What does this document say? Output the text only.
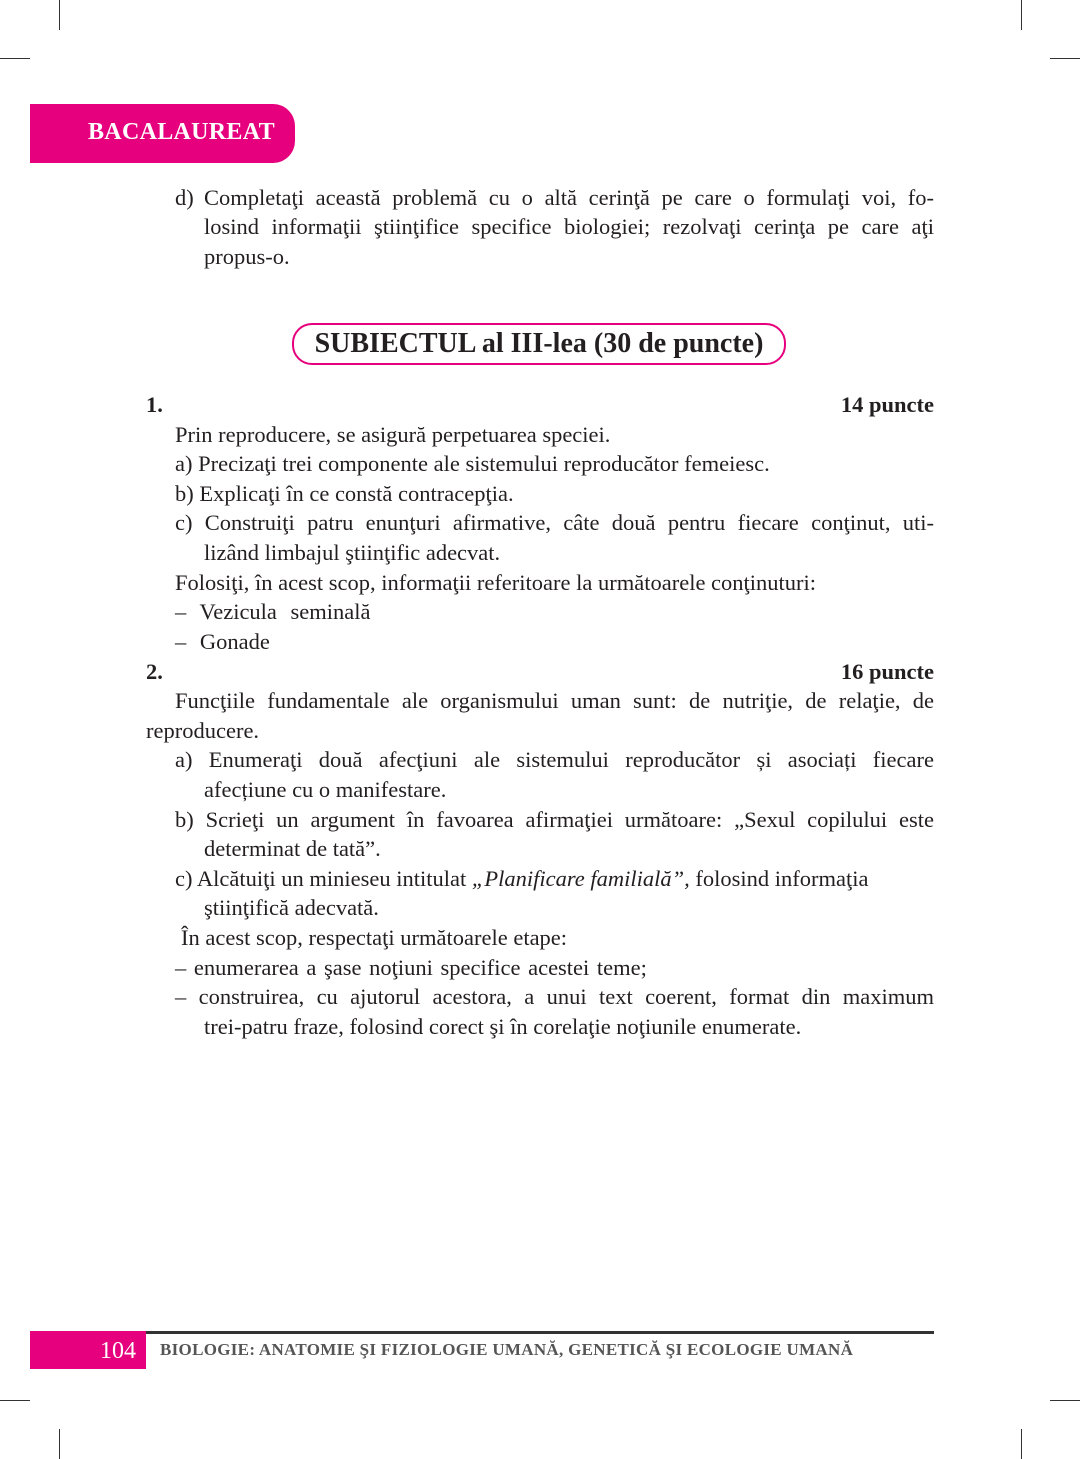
BACALAUREAT
d) Completaţi această problemă cu o altă cerinţă pe care o formulaţi voi, fo-
losind informaţii ştiinţifice specifice biologiei; rezolvaţi cerinţa pe care aţi
propus-o.
SUBIECTUL al III-lea (30 de puncte)
1.	14 puncte
Prin reproducere, se asigură perpetuarea speciei.
a) Precizaţi trei componente ale sistemului reproducător femeiesc.
b) Explicaţi în ce constă contracepţia.
c) Construiţi patru enunţuri afirmative, câte două pentru fiecare conţinut, uti-
lizând limbajul ştiinţific adecvat.
Folosiţi, în acest scop, informaţii referitoare la următoarele conţinuturi:
– Vezicula seminală
– Gonade
2.	16 puncte
Funcţiile fundamentale ale organismului uman sunt: de nutriţie, de relaţie, de
reproducere.
a) Enumeraţi două afecţiuni ale sistemului reproducător și asociați fiecare
afecțiune cu o manifestare.
b) Scrieţi un argument în favoarea afirmaţiei următoare: „Sexul copilului este
determinat de tată”.
c) Alcătuiţi un minieseu intitulat „Planificare familială”, folosind informaţia
ştiinţifică adecvată.
În acest scop, respectaţi următoarele etape:
– enumerarea a şase noţiuni specifice acestei teme;
– construirea, cu ajutorul acestora, a unui text coerent, format din maximum
trei-patru fraze, folosind corect şi în corelaţie noţiunile enumerate.
104	BIOLOGIE: ANATOMIE ŞI FIZIOLOGIE UMANĂ, GENETICĂ ŞI ECOLOGIE UMANĂ
